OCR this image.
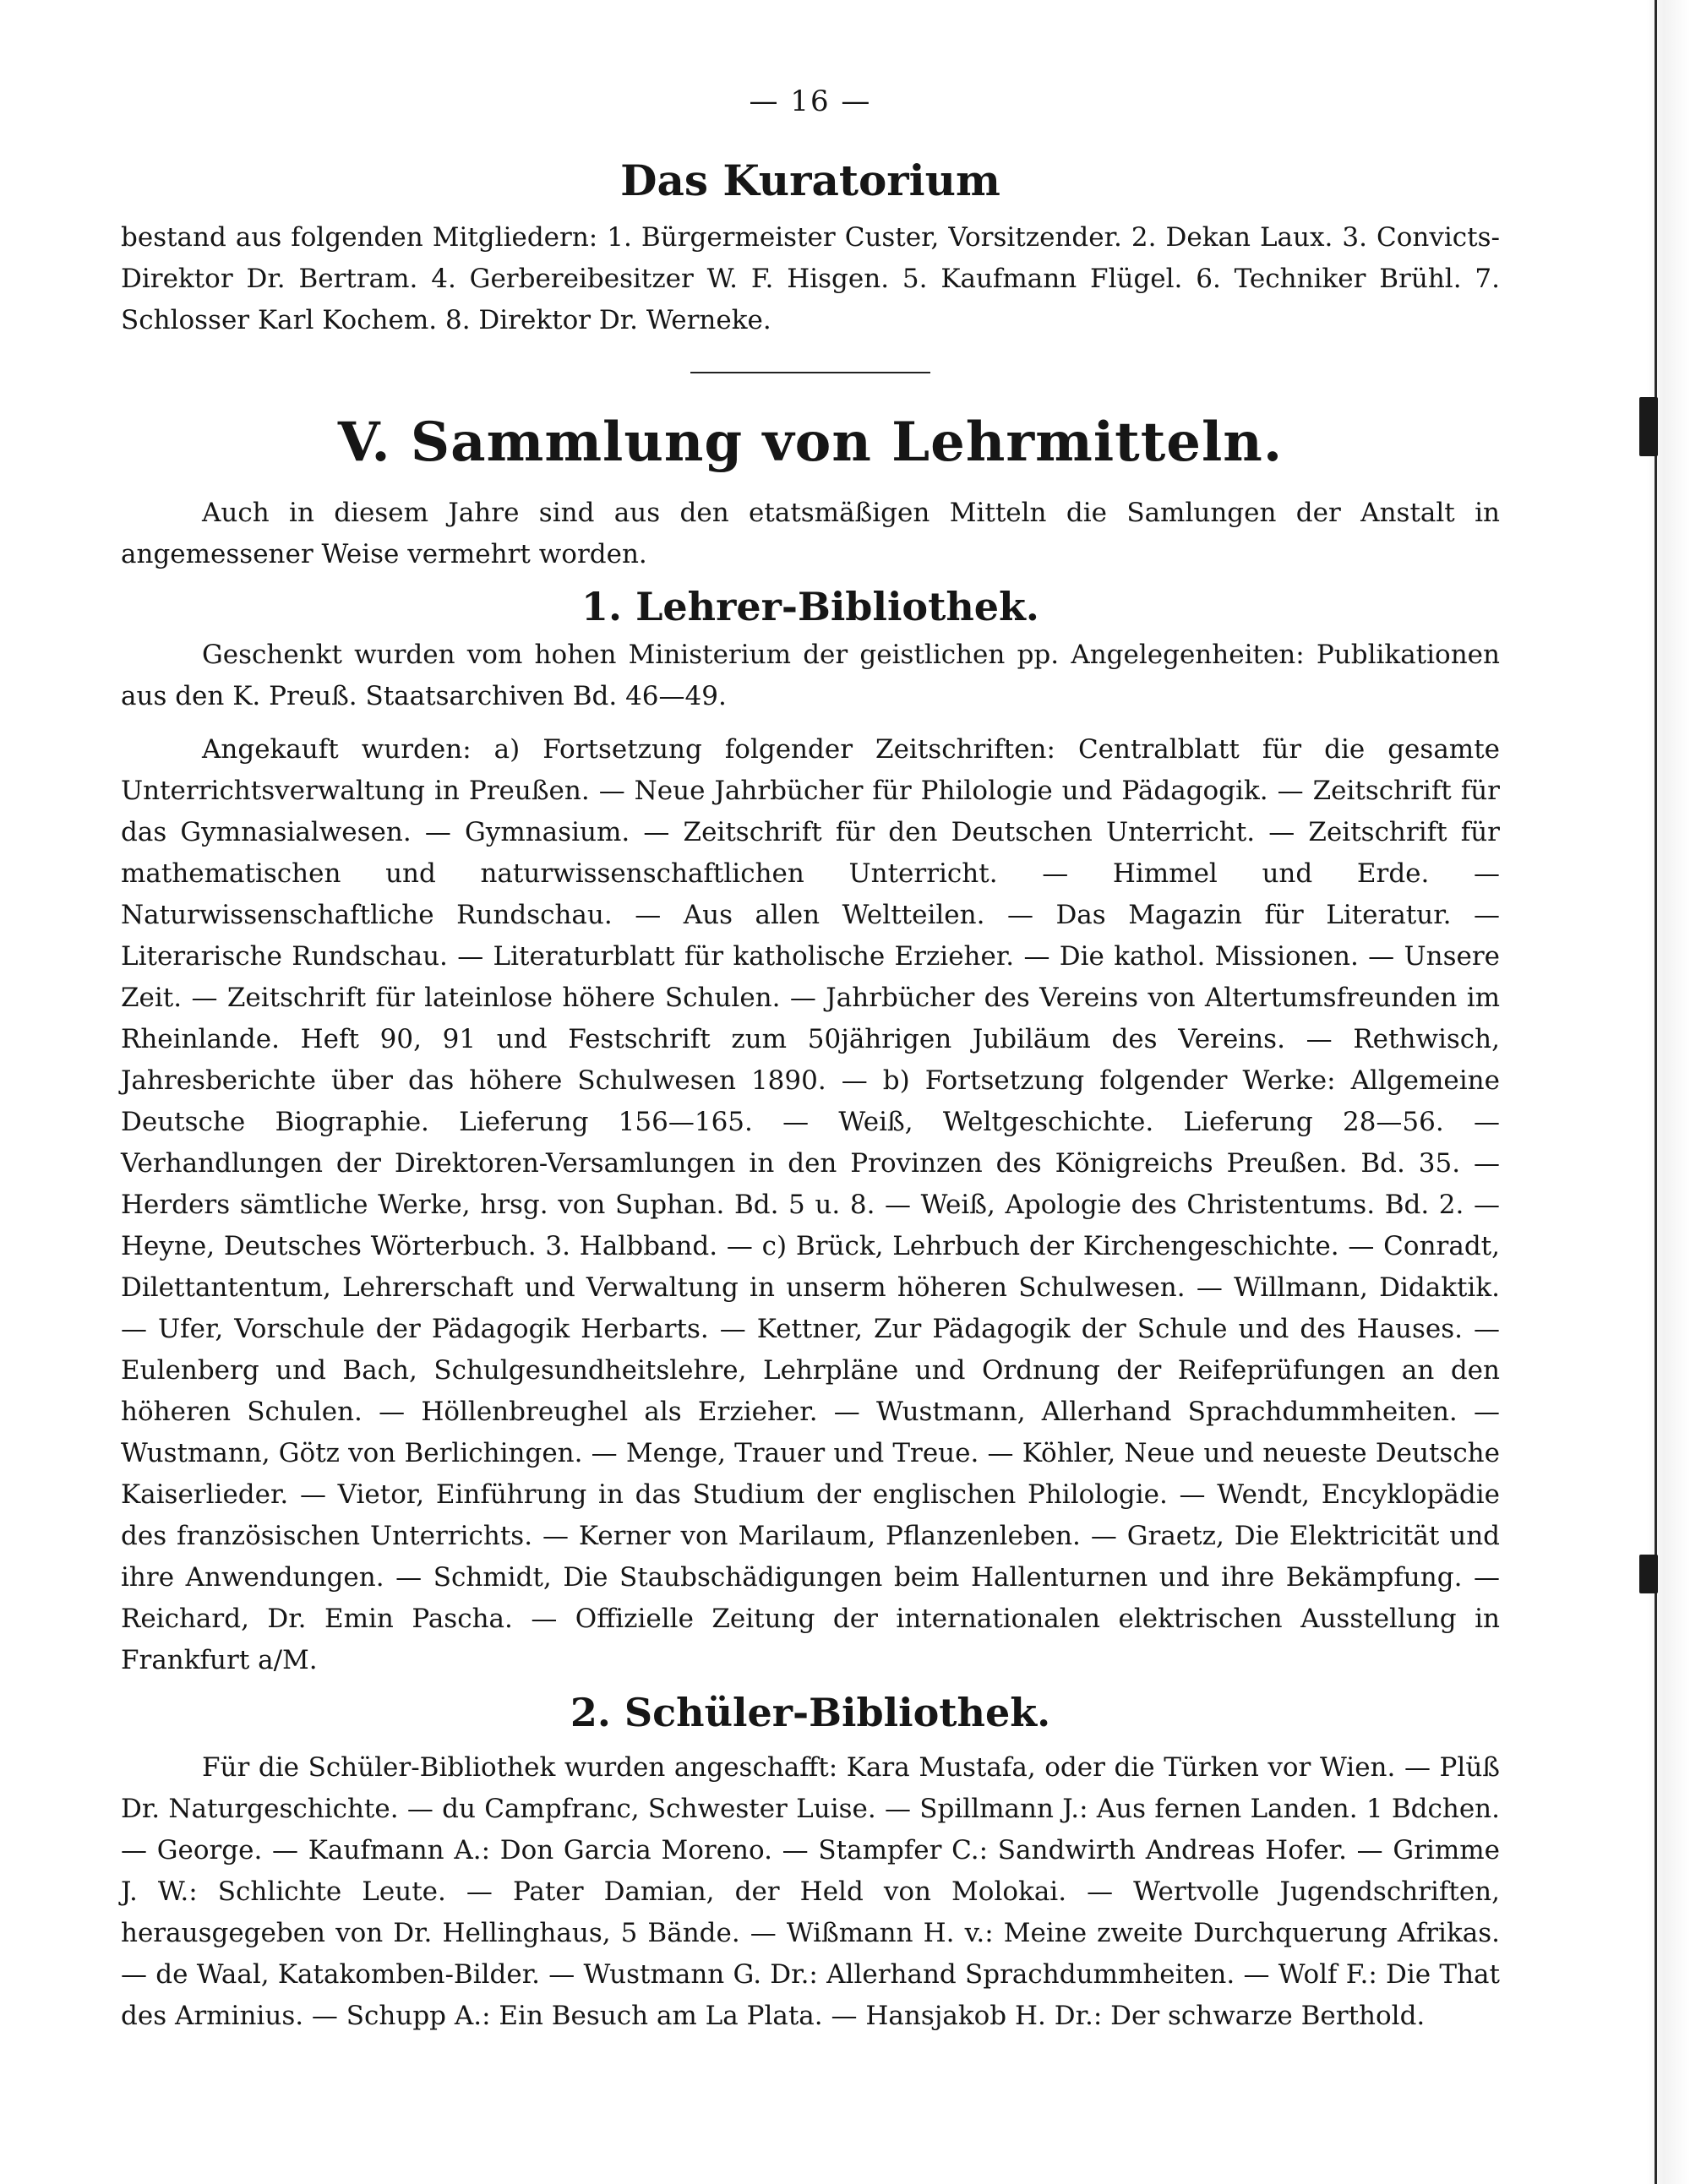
— 16 —
Das Kuratorium

bestand aus folgenden Mitgliedern: 1. Bürgermeister Custer, Vorsitzender. 2. Dekan Laux. 3. Convicts-Direktor Dr. Bertram. 4. Gerbereibesitzer W. F. Hisgen. 5. Kaufmann Flügel. 6. Techniker Brühl. 7. Schlosser Karl Kochem. 8. Direktor Dr. Werneke.

V. Sammlung von Lehrmitteln.

Auch in diesem Jahre sind aus den etatsmäßigen Mitteln die Samlungen der Anstalt in angemessener Weise vermehrt worden.

1. Lehrer-Bibliothek.

Geschenkt wurden vom hohen Ministerium der geistlichen pp. Angelegenheiten: Publikationen aus den K. Preuß. Staatsarchiven Bd. 46—49.

Angekauft wurden: a) Fortsetzung folgender Zeitschriften: Centralblatt für die gesamte Unterrichtsverwaltung in Preußen. — Neue Jahrbücher für Philologie und Pädagogik. — Zeitschrift für das Gymnasialwesen. — Gymnasium. — Zeitschrift für den Deutschen Unterricht. — Zeitschrift für mathematischen und naturwissenschaftlichen Unterricht. — Himmel und Erde. — Naturwissenschaftliche Rundschau. — Aus allen Weltteilen. — Das Magazin für Literatur. — Literarische Rundschau. — Literaturblatt für katholische Erzieher. — Die kathol. Missionen. — Unsere Zeit. — Zeitschrift für lateinlose höhere Schulen. — Jahrbücher des Vereins von Altertumsfreunden im Rheinlande. Heft 90, 91 und Festschrift zum 50jährigen Jubiläum des Vereins. — Rethwisch, Jahresberichte über das höhere Schulwesen 1890. — b) Fortsetzung folgender Werke: Allgemeine Deutsche Biographie. Lieferung 156—165. — Weiß, Weltgeschichte. Lieferung 28—56. — Verhandlungen der Direktoren-Versamlungen in den Provinzen des Königreichs Preußen. Bd. 35. — Herders sämtliche Werke, hrsg. von Suphan. Bd. 5 u. 8. — Weiß, Apologie des Christentums. Bd. 2. — Heyne, Deutsches Wörterbuch. 3. Halbband. — c) Brück, Lehrbuch der Kirchengeschichte. — Conradt, Dilettantentum, Lehrerschaft und Verwaltung in unserm höheren Schulwesen. — Willmann, Didaktik. — Ufer, Vorschule der Pädagogik Herbarts. — Kettner, Zur Pädagogik der Schule und des Hauses. — Eulenberg und Bach, Schulgesundheitslehre, Lehrpläne und Ordnung der Reifeprüfungen an den höheren Schulen. — Höllenbreughel als Erzieher. — Wustmann, Allerhand Sprachdummheiten. — Wustmann, Götz von Berlichingen. — Menge, Trauer und Treue. — Köhler, Neue und neueste Deutsche Kaiserlieder. — Vietor, Einführung in das Studium der englischen Philologie. — Wendt, Encyklopädie des französischen Unterrichts. — Kerner von Marilaum, Pflanzenleben. — Graetz, Die Elektricität und ihre Anwendungen. — Schmidt, Die Staubschädigungen beim Hallenturnen und ihre Bekämpfung. — Reichard, Dr. Emin Pascha. — Offizielle Zeitung der internationalen elektrischen Ausstellung in Frankfurt a/M.

2. Schüler-Bibliothek.

Für die Schüler-Bibliothek wurden angeschafft: Kara Mustafa, oder die Türken vor Wien. — Plüß Dr. Naturgeschichte. — du Campfranc, Schwester Luise. — Spillmann J.: Aus fernen Landen. 1 Bdchen. — George. — Kaufmann A.: Don Garcia Moreno. — Stampfer C.: Sandwirth Andreas Hofer. — Grimme J. W.: Schlichte Leute. — Pater Damian, der Held von Molokai. — Wertvolle Jugendschriften, herausgegeben von Dr. Hellinghaus, 5 Bände. — Wißmann H. v.: Meine zweite Durchquerung Afrikas. — de Waal, Katakomben-Bilder. — Wustmann G. Dr.: Allerhand Sprachdummheiten. — Wolf F.: Die That des Arminius. — Schupp A.: Ein Besuch am La Plata. — Hansjakob H. Dr.: Der schwarze Berthold.
